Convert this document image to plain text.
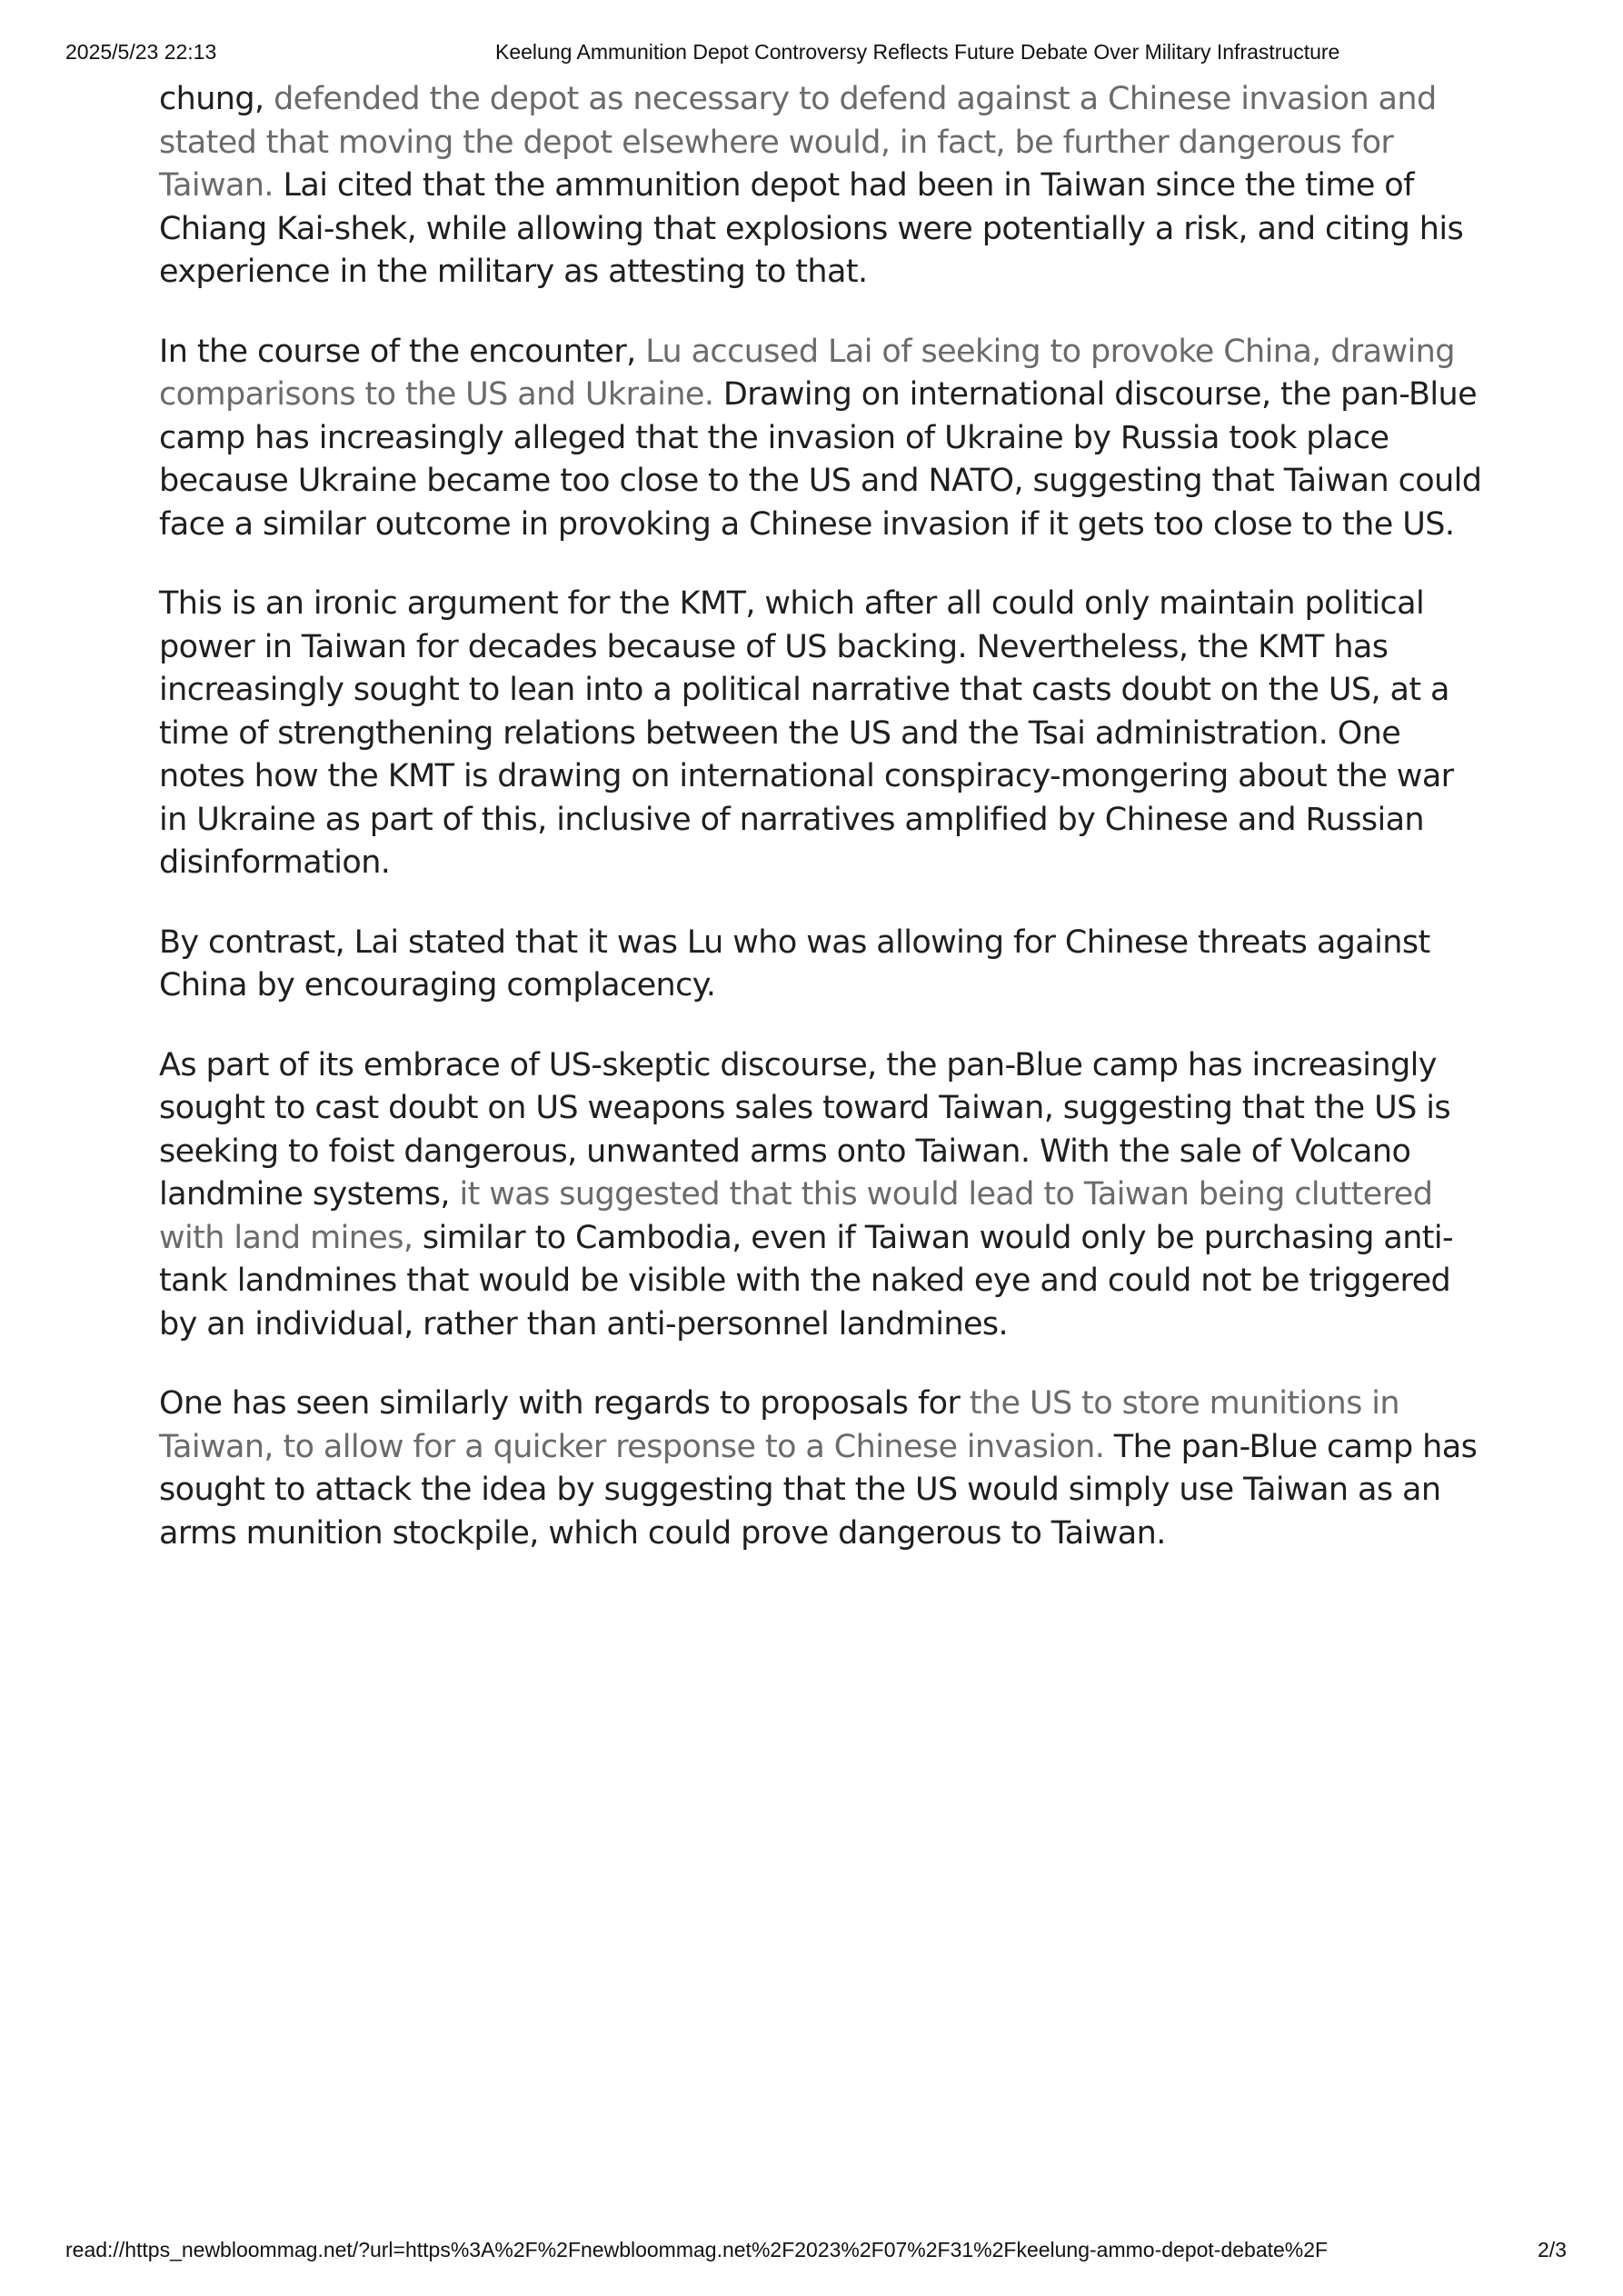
2025/5/23 22:13	Keelung Ammunition Depot Controversy Reflects Future Debate Over Military Infrastructure

chung, defended the depot as necessary to defend against a Chinese invasion and stated that moving the depot elsewhere would, in fact, be further dangerous for Taiwan. Lai cited that the ammunition depot had been in Taiwan since the time of Chiang Kai-shek, while allowing that explosions were potentially a risk, and citing his experience in the military as attesting to that.

In the course of the encounter, Lu accused Lai of seeking to provoke China, drawing comparisons to the US and Ukraine. Drawing on international discourse, the pan-Blue camp has increasingly alleged that the invasion of Ukraine by Russia took place because Ukraine became too close to the US and NATO, suggesting that Taiwan could face a similar outcome in provoking a Chinese invasion if it gets too close to the US.

This is an ironic argument for the KMT, which after all could only maintain political power in Taiwan for decades because of US backing. Nevertheless, the KMT has increasingly sought to lean into a political narrative that casts doubt on the US, at a time of strengthening relations between the US and the Tsai administration. One notes how the KMT is drawing on international conspiracy-mongering about the war in Ukraine as part of this, inclusive of narratives amplified by Chinese and Russian disinformation.

By contrast, Lai stated that it was Lu who was allowing for Chinese threats against China by encouraging complacency.

As part of its embrace of US-skeptic discourse, the pan-Blue camp has increasingly sought to cast doubt on US weapons sales toward Taiwan, suggesting that the US is seeking to foist dangerous, unwanted arms onto Taiwan. With the sale of Volcano landmine systems, it was suggested that this would lead to Taiwan being cluttered with land mines, similar to Cambodia, even if Taiwan would only be purchasing anti-tank landmines that would be visible with the naked eye and could not be triggered by an individual, rather than anti-personnel landmines.

One has seen similarly with regards to proposals for the US to store munitions in Taiwan, to allow for a quicker response to a Chinese invasion. The pan-Blue camp has sought to attack the idea by suggesting that the US would simply use Taiwan as an arms munition stockpile, which could prove dangerous to Taiwan.

read://https_newbloommag.net/?url=https%3A%2F%2Fnewbloommag.net%2F2023%2F07%2F31%2Fkeelung-ammo-depot-debate%2F	2/3
